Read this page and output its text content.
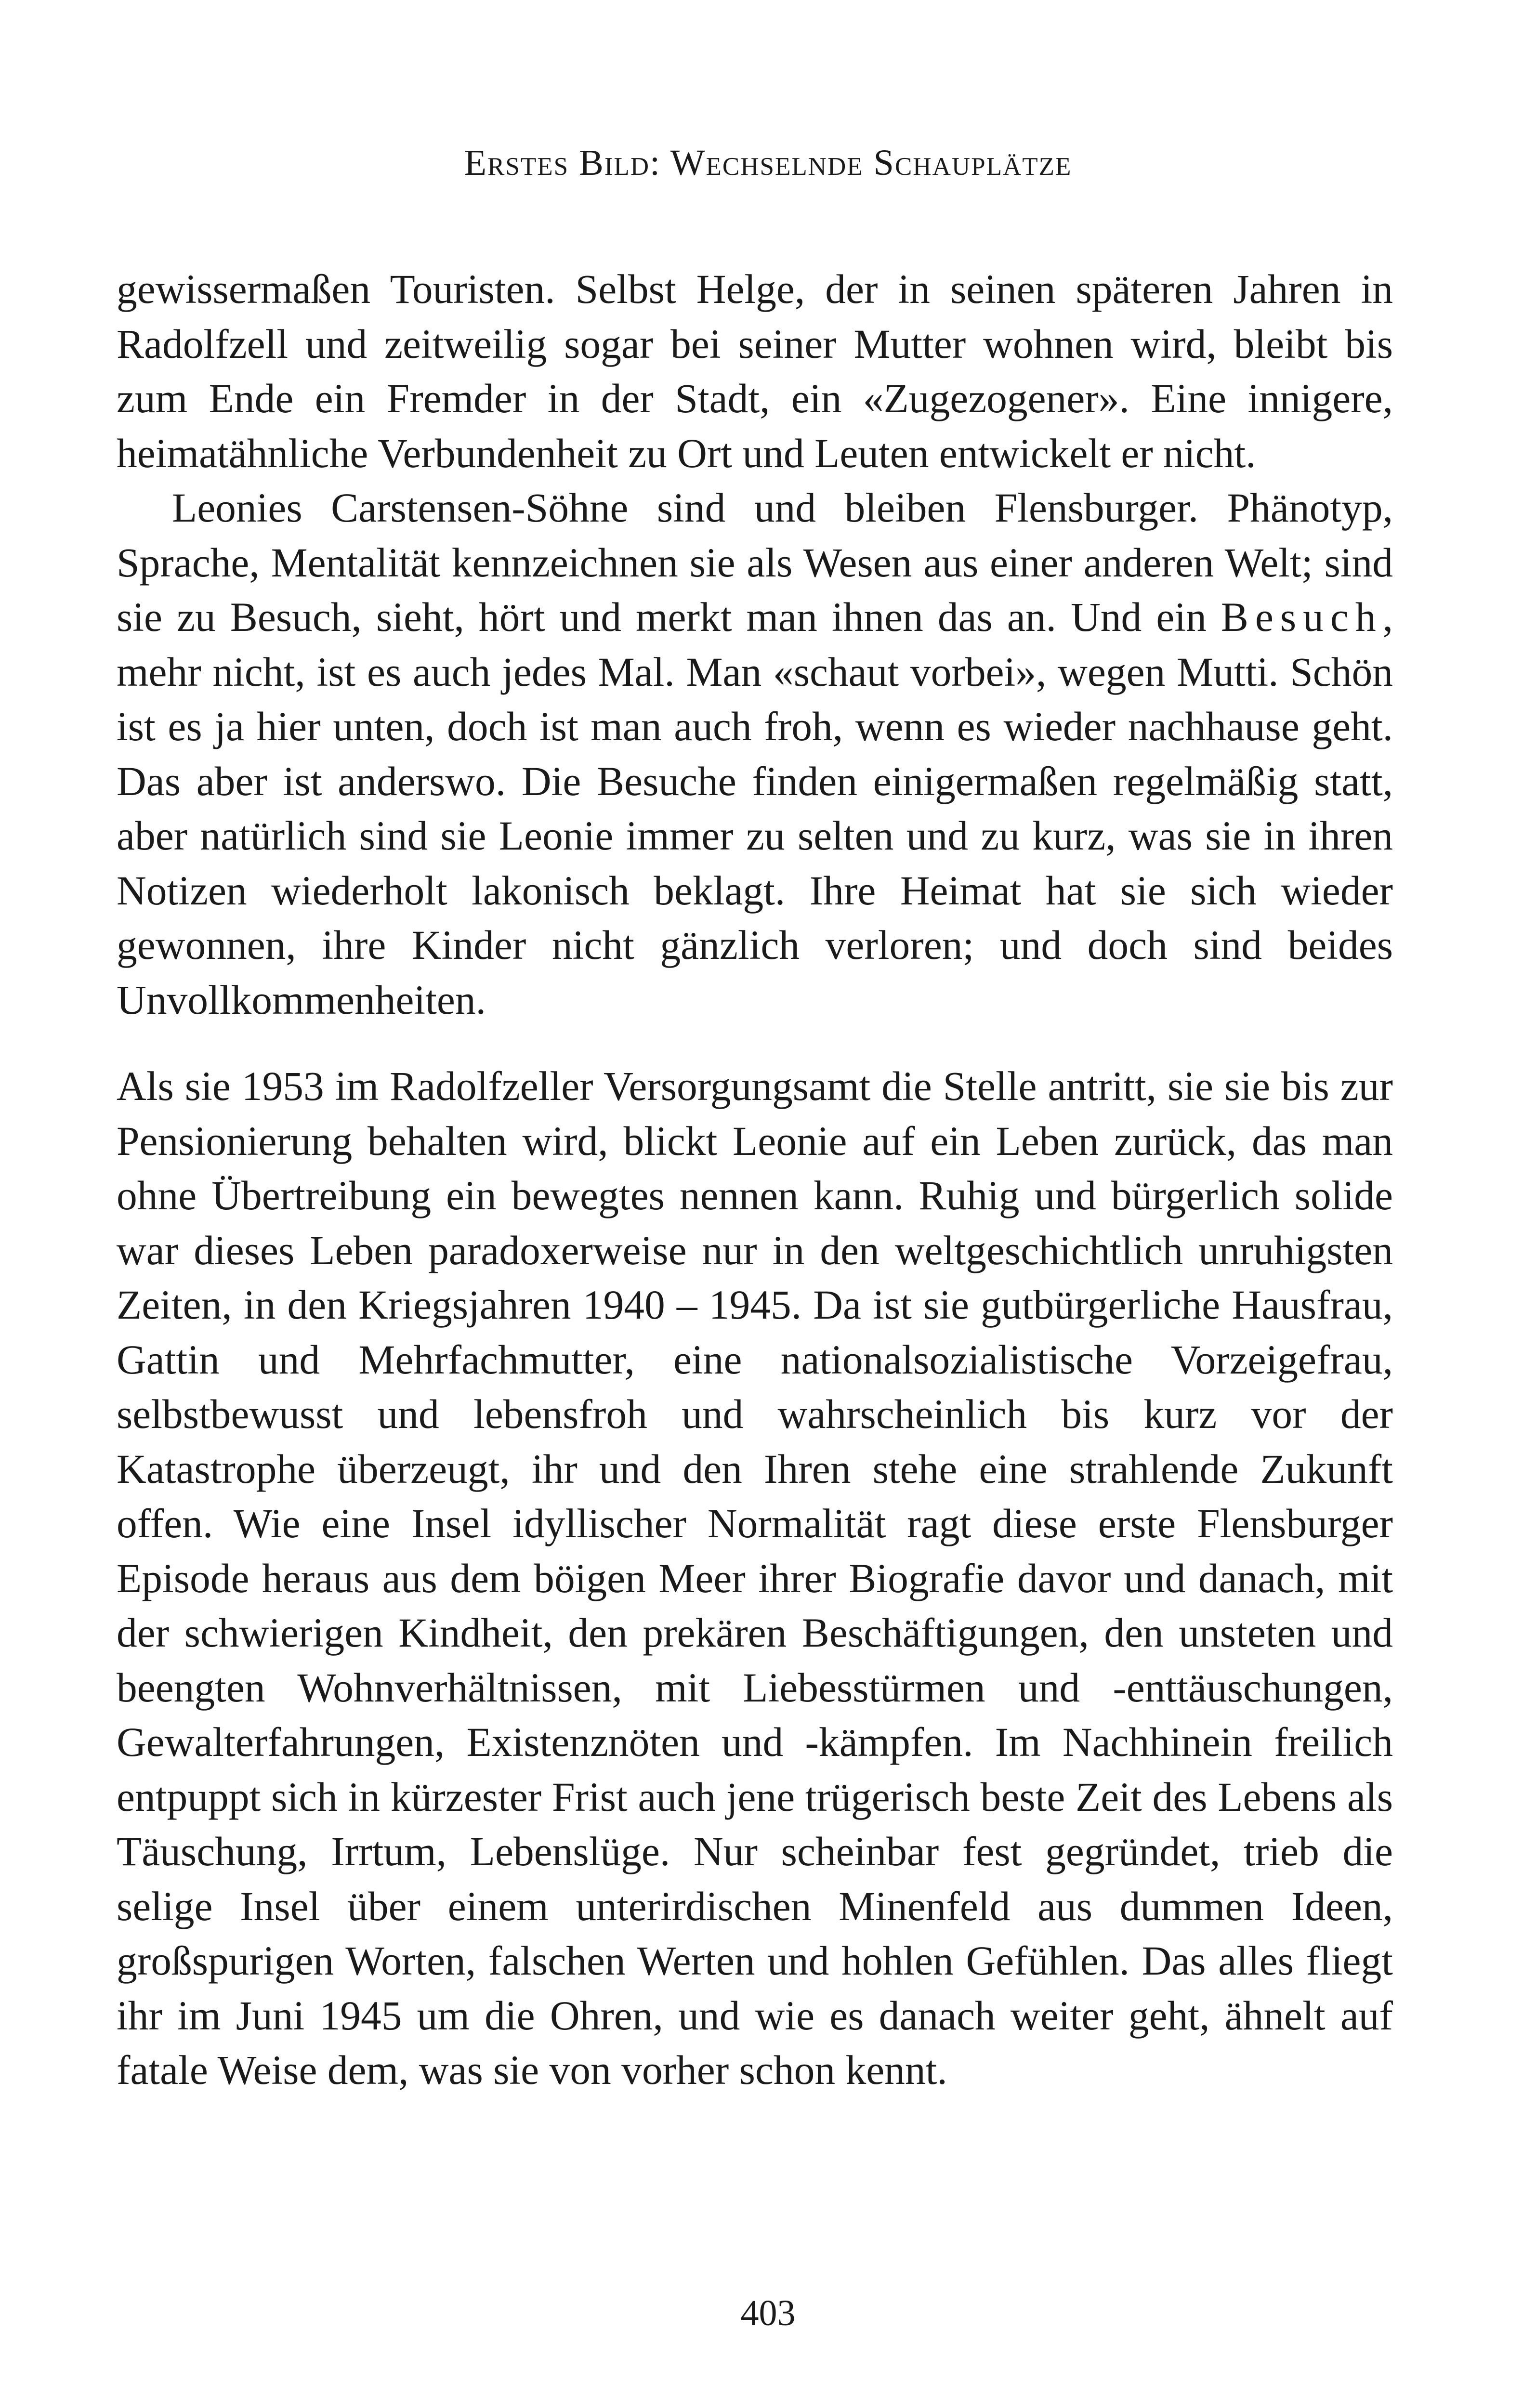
Erstes Bild: Wechselnde Schauplätze

gewissermaßen Touristen. Selbst Helge, der in seinen späteren Jahren in Radolfzell und zeitweilig sogar bei seiner Mutter wohnen wird, bleibt bis zum Ende ein Fremder in der Stadt, ein «Zugezogener». Eine innigere, heimatähnliche Verbundenheit zu Ort und Leuten entwickelt er nicht.

Leonies Carstensen-Söhne sind und bleiben Flensburger. Phänotyp, Sprache, Mentalität kennzeichnen sie als Wesen aus einer anderen Welt; sind sie zu Besuch, sieht, hört und merkt man ihnen das an. Und ein Besuch, mehr nicht, ist es auch jedes Mal. Man «schaut vorbei», wegen Mutti. Schön ist es ja hier unten, doch ist man auch froh, wenn es wieder nachhause geht. Das aber ist anderswo. Die Besuche finden einigermaßen regelmäßig statt, aber natürlich sind sie Leonie immer zu selten und zu kurz, was sie in ihren Notizen wiederholt lakonisch beklagt. Ihre Heimat hat sie sich wieder gewonnen, ihre Kinder nicht gänzlich verloren; und doch sind beides Unvollkommenheiten.

Als sie 1953 im Radolfzeller Versorgungsamt die Stelle antritt, sie sie bis zur Pensionierung behalten wird, blickt Leonie auf ein Leben zurück, das man ohne Übertreibung ein bewegtes nennen kann. Ruhig und bürgerlich solide war dieses Leben paradoxerweise nur in den weltgeschichtlich unruhigsten Zeiten, in den Kriegsjahren 1940 – 1945. Da ist sie gutbürgerliche Hausfrau, Gattin und Mehrfachmutter, eine nationalsozialistische Vorzeigefrau, selbstbewusst und lebensfroh und wahrscheinlich bis kurz vor der Katastrophe überzeugt, ihr und den Ihren stehe eine strahlende Zukunft offen. Wie eine Insel idyllischer Normalität ragt diese erste Flensburger Episode heraus aus dem böigen Meer ihrer Biografie davor und danach, mit der schwierigen Kindheit, den prekären Beschäftigungen, den unsteten und beengten Wohnverhältnissen, mit Liebesstürmen und -enttäuschungen, Gewalterfahrungen, Existenznöten und -kämpfen. Im Nachhinein freilich entpuppt sich in kürzester Frist auch jene trügerisch beste Zeit des Lebens als Täuschung, Irrtum, Lebenslüge. Nur scheinbar fest gegründet, trieb die selige Insel über einem unterirdischen Minenfeld aus dummen Ideen, großspurigen Worten, falschen Werten und hohlen Gefühlen. Das alles fliegt ihr im Juni 1945 um die Ohren, und wie es danach weiter geht, ähnelt auf fatale Weise dem, was sie von vorher schon kennt.

403
